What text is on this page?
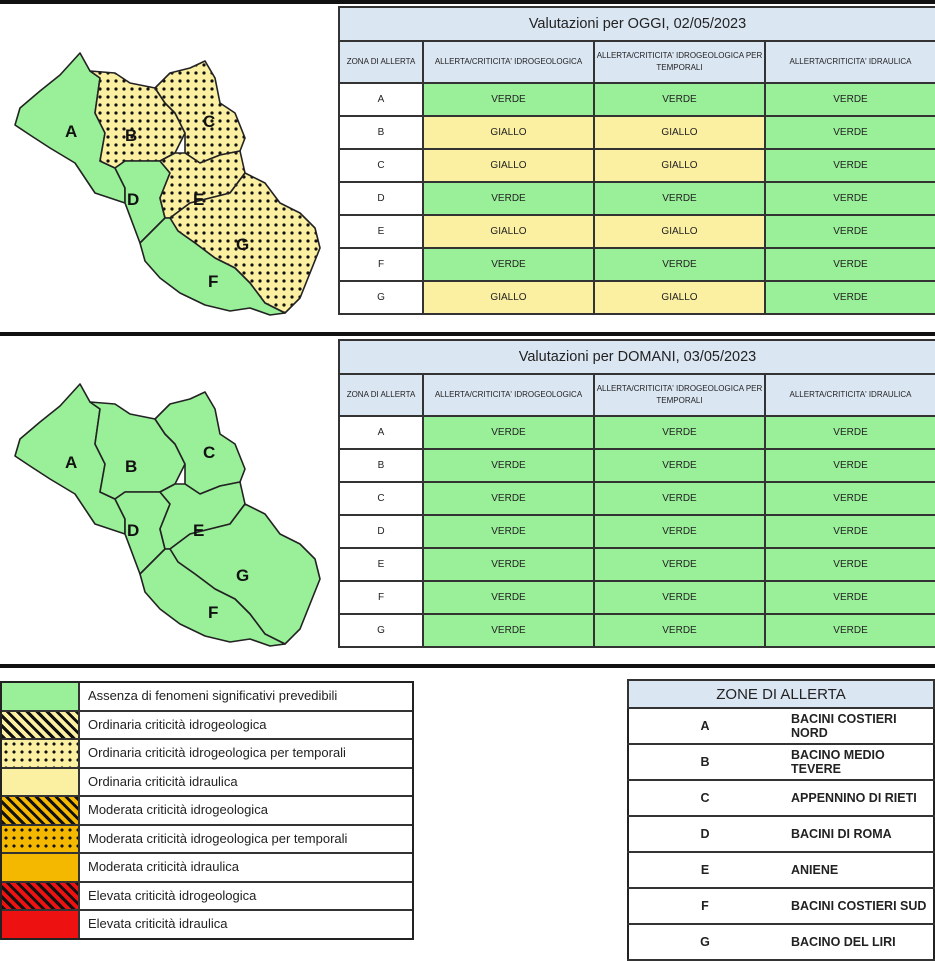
A	B
C
D	E
G
F
A	B
C
D	E
G
F
Valutazioni per OGGI, 02/05/2023			
ZONA DI ALLERTA	ALLERTA/CRITICITA' IDROGEOLOGICA	ALLERTA/CRITICITA' IDROGEOLOGICA PER TEMPORALI	ALLERTA/CRITICITA' IDRAULICA
A	VERDE	VERDE	VERDE
B	GIALLO	GIALLO	VERDE
C	GIALLO	GIALLO	VERDE
D	VERDE	VERDE	VERDE
E	GIALLO	GIALLO	VERDE
F	VERDE	VERDE	VERDE
G	GIALLO	GIALLO	VERDE
Valutazioni per DOMANI, 03/05/2023			
ZONA DI ALLERTA	ALLERTA/CRITICITA' IDROGEOLOGICA	ALLERTA/CRITICITA' IDROGEOLOGICA PER TEMPORALI	ALLERTA/CRITICITA' IDRAULICA
A	VERDE	VERDE	VERDE
B	VERDE	VERDE	VERDE
C	VERDE	VERDE	VERDE
D	VERDE	VERDE	VERDE
E	VERDE	VERDE	VERDE
F	VERDE	VERDE	VERDE
G	VERDE	VERDE	VERDE
Assenza di fenomeni significativi prevedibili
Ordinaria criticità idrogeologica
Ordinaria criticità idrogeologica per temporali
Ordinaria criticità idraulica
Moderata criticità idrogeologica
Moderata criticità idrogeologica per temporali
Moderata criticità idraulica
Elevata criticità idrogeologica
Elevata criticità idraulica
ZONE DI ALLERTA	
A	BACINI COSTIERI NORD
B	BACINO MEDIO TEVERE
C	APPENNINO DI RIETI
D	BACINI DI ROMA
E	ANIENE
F	BACINI COSTIERI SUD
G	BACINO DEL LIRI
